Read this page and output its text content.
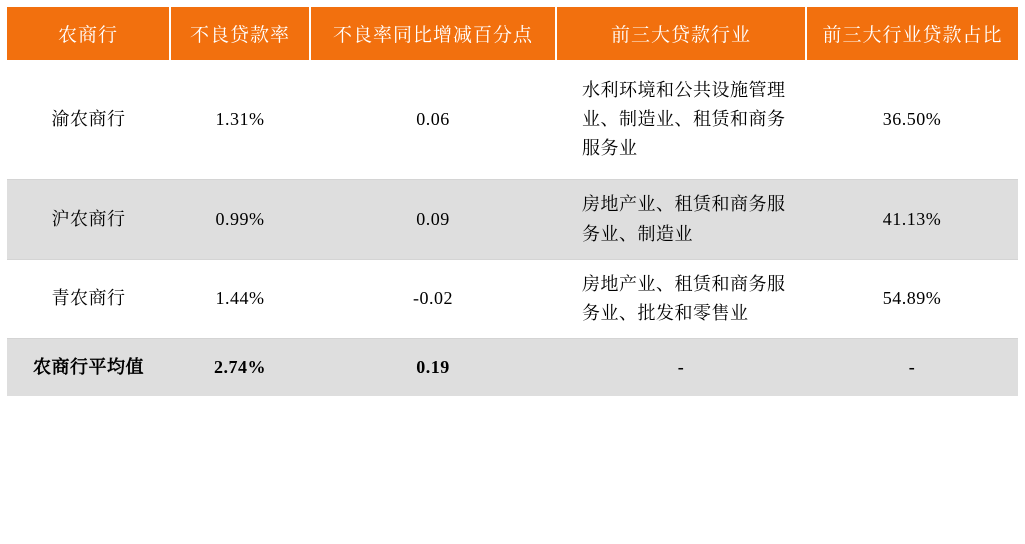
农商行	不良贷款率	不良率同比增减百分点	前三大贷款行业	前三大行业贷款占比
渝农商行	1.31%	0.06	水利环境和公共设施管理业、制造业、租赁和商务服务业	36.50%
沪农商行	0.99%	0.09	房地产业、租赁和商务服务业、制造业	41.13%
青农商行	1.44%	-0.02	房地产业、租赁和商务服务业、批发和零售业	54.89%
农商行平均值	2.74%	0.19	-	-
